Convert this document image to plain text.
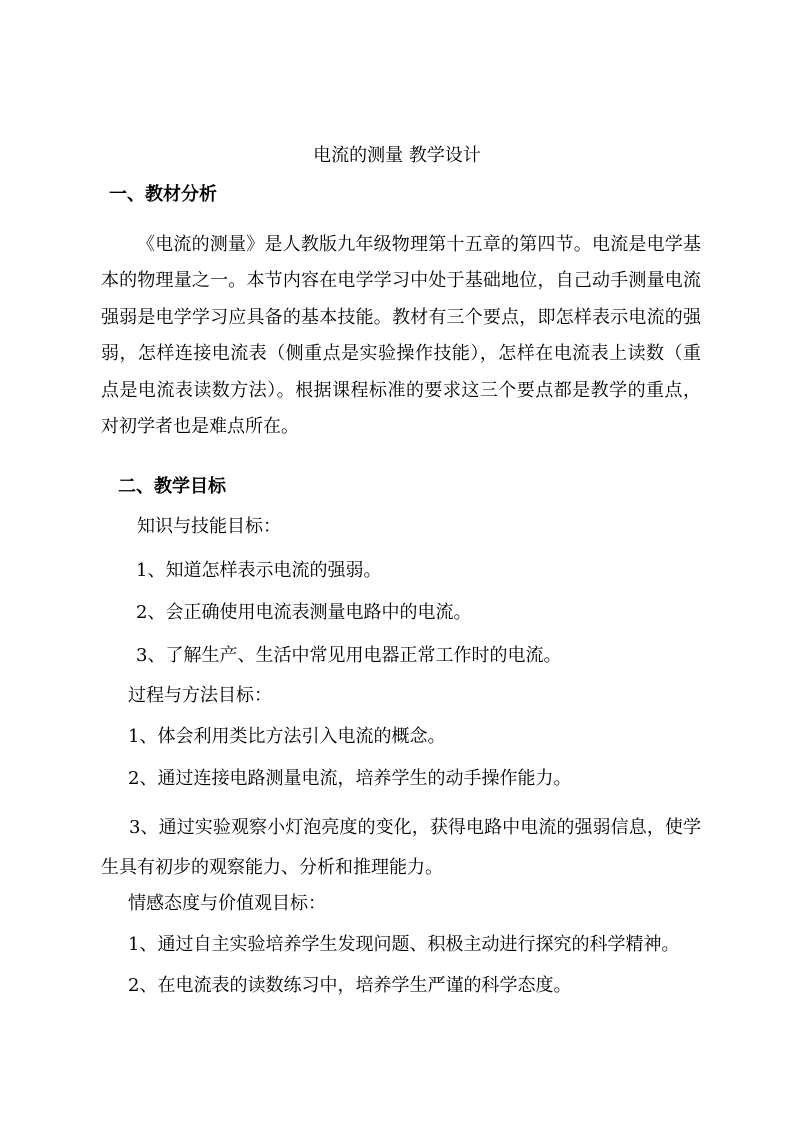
电流的测量 教学设计
一、教材分析
《电流的测量》是人教版九年级物理第十五章的第四节。电流是电学基本的物理量之一。本节内容在电学学习中处于基础地位，自己动手测量电流强弱是电学学习应具备的基本技能。教材有三个要点，即怎样表示电流的强弱，怎样连接电流表（侧重点是实验操作技能），怎样在电流表上读数（重点是电流表读数方法）。根据课程标准的要求这三个要点都是教学的重点，对初学者也是难点所在。
二、教学目标
知识与技能目标：
1、知道怎样表示电流的强弱。
2、会正确使用电流表测量电路中的电流。
3、了解生产、生活中常见用电器正常工作时的电流。
过程与方法目标：
1、体会利用类比方法引入电流的概念。
2、通过连接电路测量电流，培养学生的动手操作能力。
3、通过实验观察小灯泡亮度的变化，获得电路中电流的强弱信息，使学生具有初步的观察能力、分析和推理能力。
情感态度与价值观目标：
1、通过自主实验培养学生发现问题、积极主动进行探究的科学精神。
2、在电流表的读数练习中，培养学生严谨的科学态度。
